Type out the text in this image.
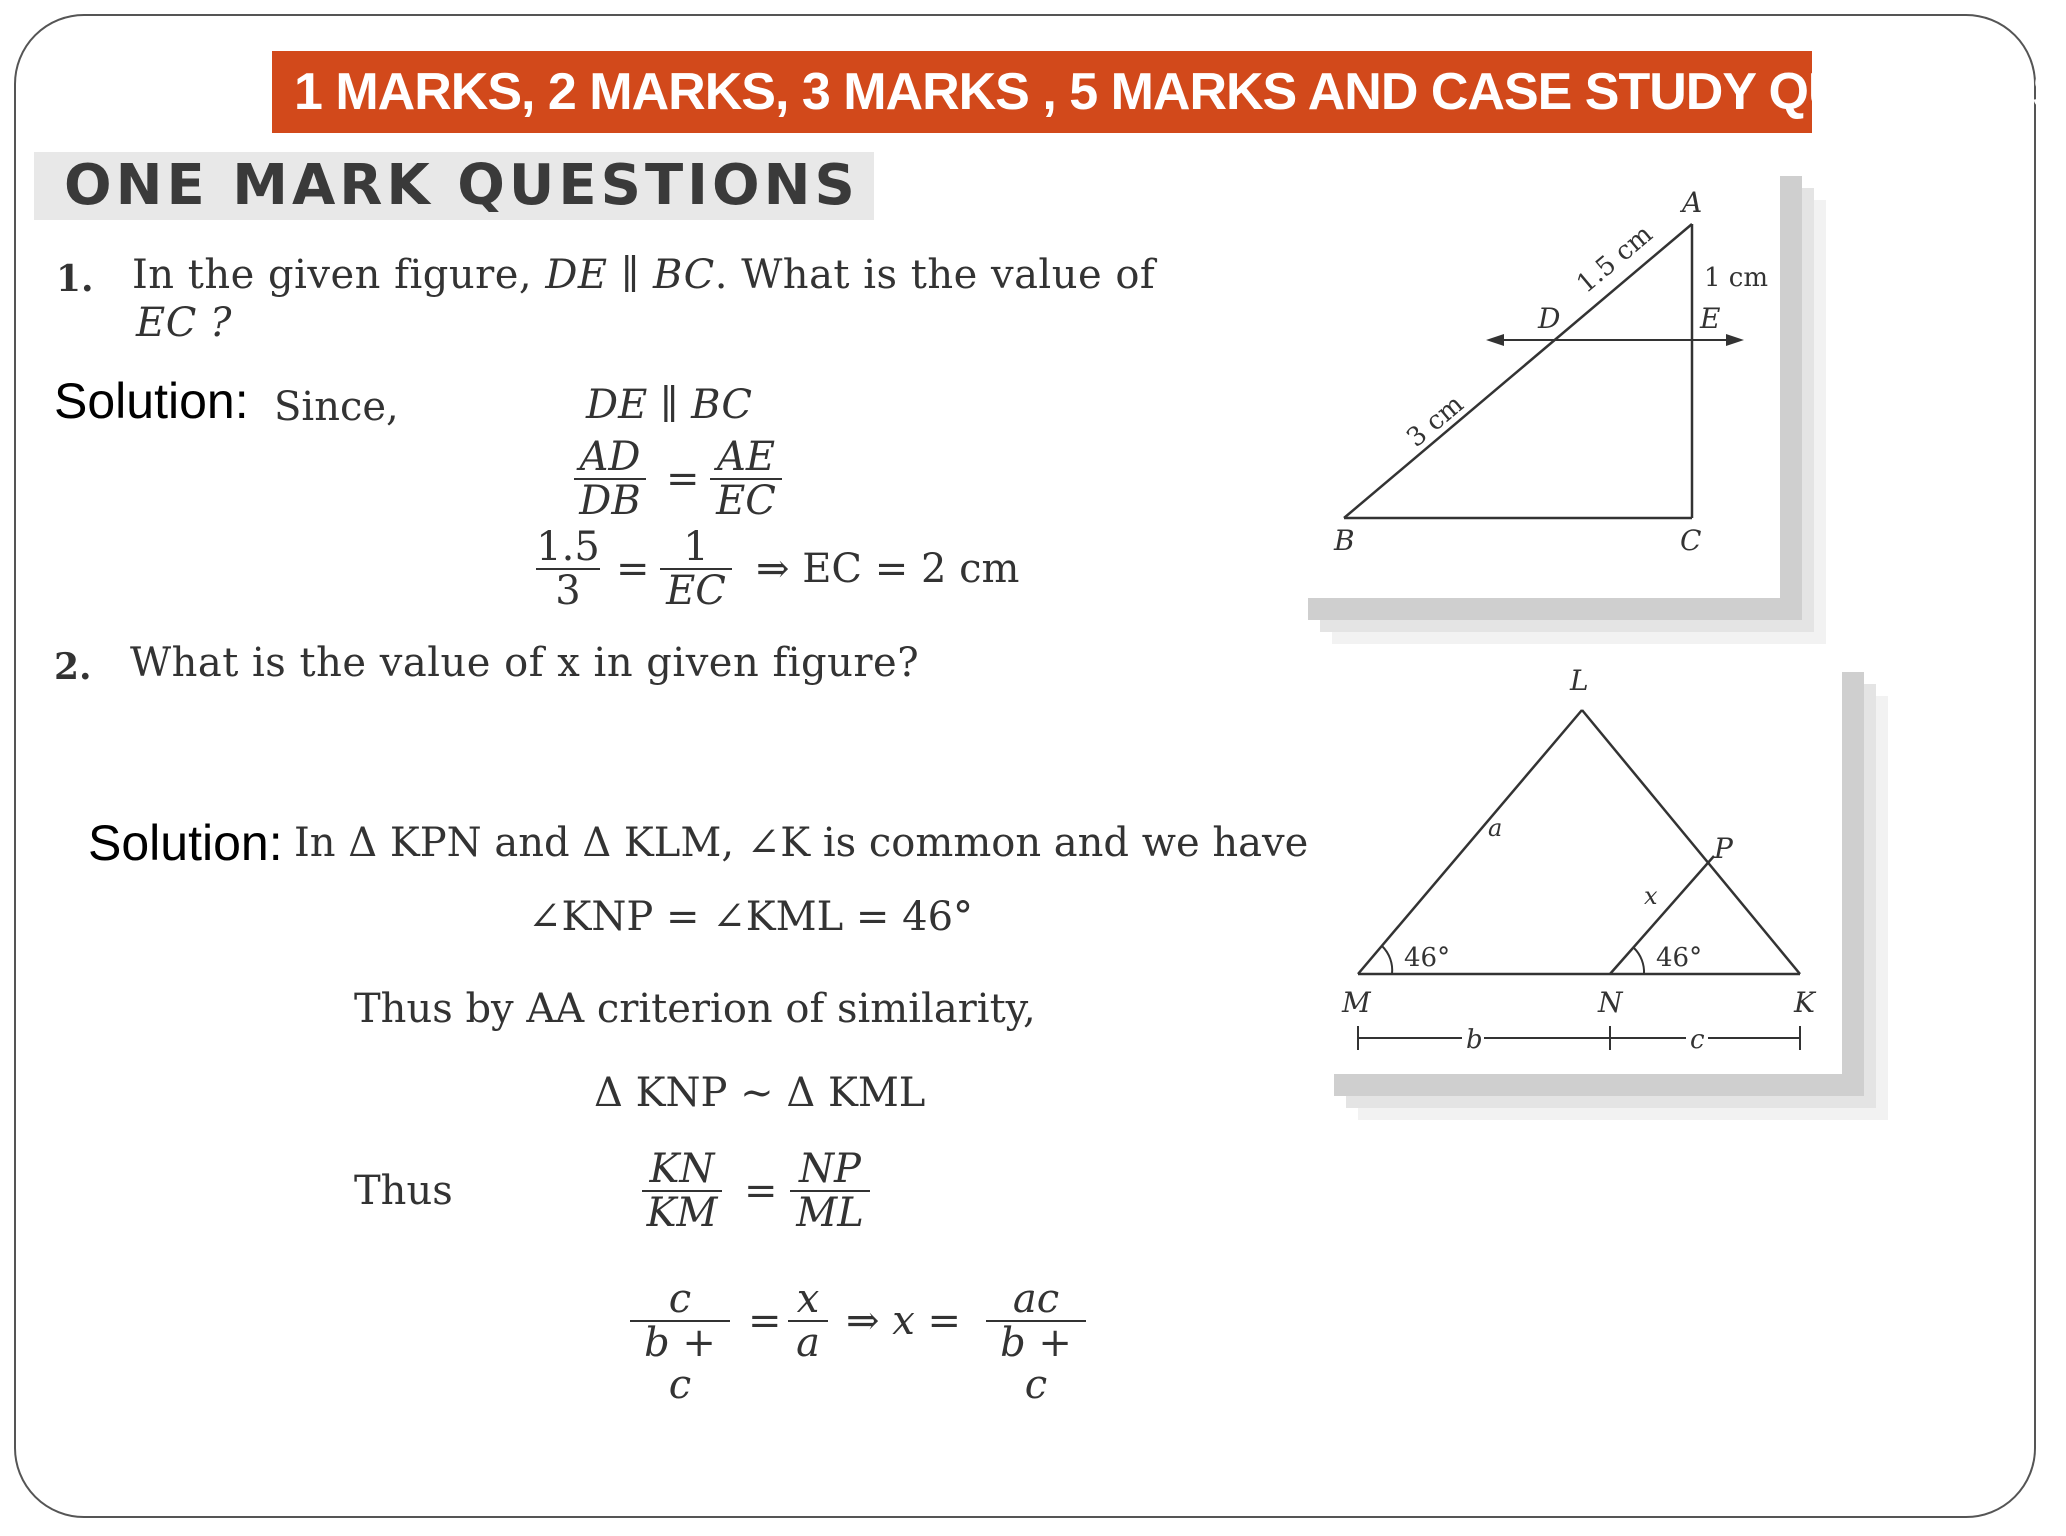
1 MARKS, 2 MARKS, 3 MARKS , 5 MARKS AND CASE STUDY QUESTIONS
ONE MARK QUESTIONS
1. In the given figure, DE ∥ BC. What is the value of
EC ?
Solution: Since,	DE ∥ BC
$\frac{AD}{DB} = \frac{AE}{EC}$
$\frac{1.5}{3} = \frac{1}{EC}$ ⇒ EC = 2 cm
2. What is the value of x in given figure?
Solution: In Δ KPN and Δ KLM, ∠K is common and we have
∠KNP = ∠KML = 46°
Thus by AA criterion of similarity,
Δ KNP ~ Δ KML
Thus	$\frac{KN}{KM} = \frac{NP}{ML}$
$\frac{c}{b + c} = \frac{x}{a}$ ⇒ $x = \frac{ac}{b + c}$
A
B	C
D	E
1 cm
1.5 cm
3 cm
L
M	N	K
P
a
x
46°	46°
b	c
